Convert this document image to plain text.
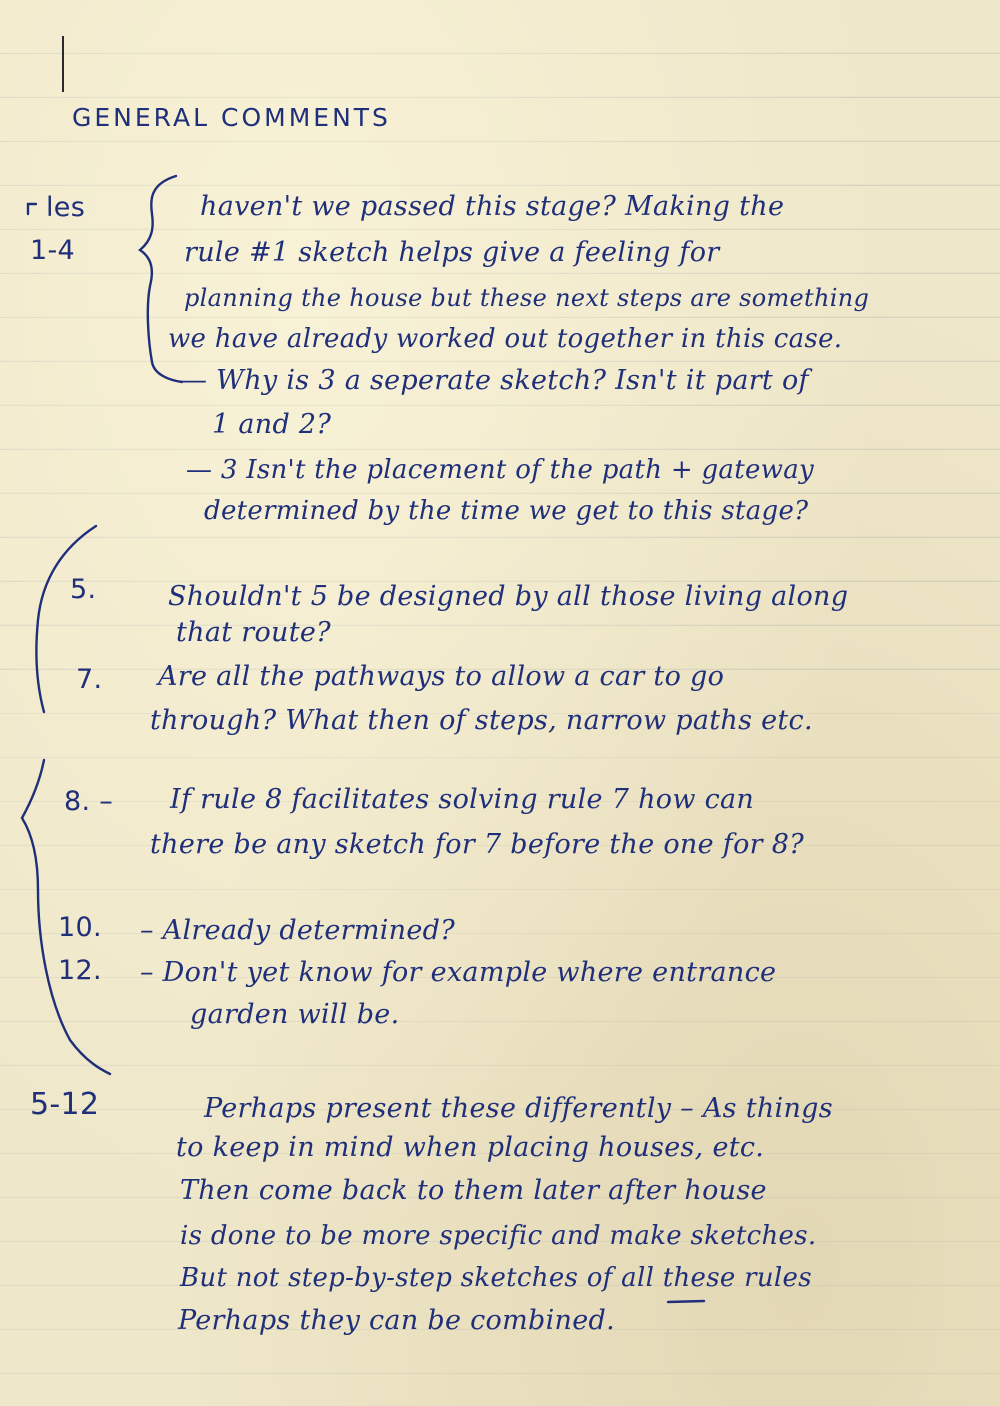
GENERAL COMMENTS
les
1-4
haven't we passed this stage? Making the
rule #1 sketch helps give a feeling for
planning the house but these next steps are something
we have already worked out together in this case.
— Why is 3 a seperate sketch? Isn't it part of
1 and 2?
— 3 Isn't the placement of the path + gateway
determined by the time we get to this stage?
5.	Shouldn't 5 be designed by all those living along
that route?
7. Are all the pathways to allow a car to go
through? What then of steps, narrow paths etc.
8. – If rule 8 facilitates solving rule 7 how can
there be any sketch for 7 before the one for 8?
10. – Already determined?
12. – Don't yet know for example where entrance
garden will be.
5-12	Perhaps present these differently – As things
to keep in mind when placing houses, etc.
Then come back to them later after house
is done to be more specific and make sketches.
But not step-by-step sketches of all these rules
Perhaps they can be combined.
